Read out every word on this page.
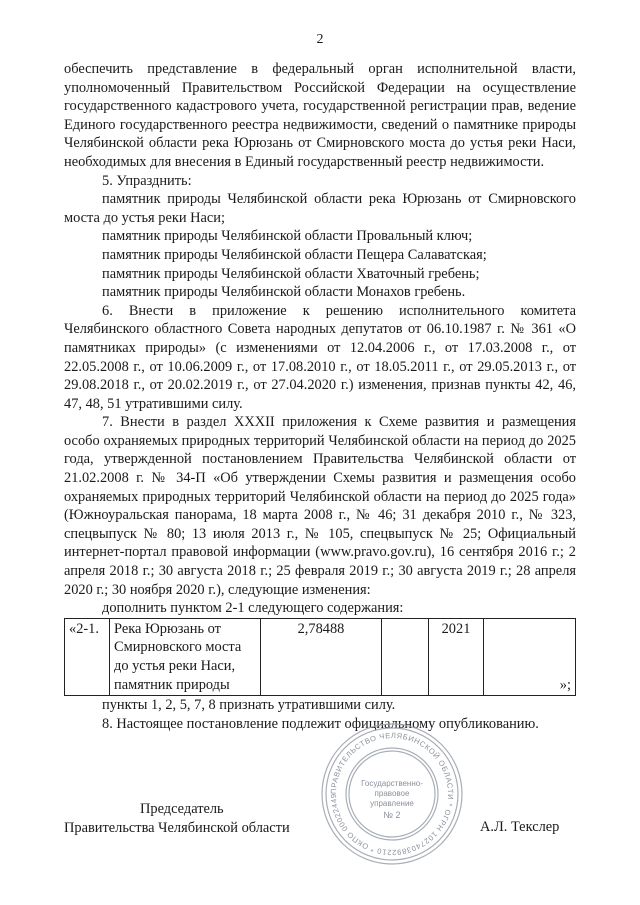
2

обеспечить представление в федеральный орган исполнительной власти, уполномоченный Правительством Российской Федерации на осуществление государственного кадастрового учета, государственной регистрации прав, ведение Единого государственного реестра недвижимости, сведений о памятнике природы Челябинской области река Юрюзань от Смирновского моста до устья реки Наси, необходимых для внесения в Единый государственный реестр недвижимости.

5. Упразднить:

памятник природы Челябинской области река Юрюзань от Смирновского моста до устья реки Наси;

памятник природы Челябинской области Провальный ключ;

памятник природы Челябинской области Пещера Салаватская;

памятник природы Челябинской области Хваточный гребень;

памятник природы Челябинской области Монахов гребень.

6. Внести в приложение к решению исполнительного комитета Челябинского областного Совета народных депутатов от 06.10.1987 г. № 361 «О памятниках природы» (с изменениями от 12.04.2006 г., от 17.03.2008 г., от 22.05.2008 г., от 10.06.2009 г., от 17.08.2010 г., от 18.05.2011 г., от 29.05.2013 г., от 29.08.2018 г., от 20.02.2019 г., от 27.04.2020 г.) изменения, признав пункты 42, 46, 47, 48, 51 утратившими силу.

7. Внести в раздел XXXII приложения к Схеме развития и размещения особо охраняемых природных территорий Челябинской области на период до 2025 года, утвержденной постановлением Правительства Челябинской области от 21.02.2008 г. № 34-П «Об утверждении Схемы развития и размещения особо охраняемых природных территорий Челябинской области на период до 2025 года» (Южноуральская панорама, 18 марта 2008 г., № 46; 31 декабря 2010 г., № 323, спецвыпуск № 80; 13 июля 2013 г., № 105, спецвыпуск № 25; Официальный интернет-портал правовой информации (www.pravo.gov.ru), 16 сентября 2016 г.; 2 апреля 2018 г.; 30 августа 2018 г.; 25 февраля 2019 г.; 30 августа 2019 г.; 28 апреля 2020 г.; 30 ноября 2020 г.), следующие изменения:

дополнить пунктом 2-1 следующего содержания:

«2-1.	Река Юрюзань от Смирновского моста до устья реки Наси, памятник природы	2,78488		2021	»;

пункты 1, 2, 5, 7, 8 признать утратившими силу.

8. Настоящее постановление подлежит официальному опубликованию.

ПРАВИТЕЛЬСТВО ЧЕЛЯБИНСКОЙ ОБЛАСТИ * ОГРН 1027403892210 * ОКПО 00022449
Государственно-
правовое
управление
№ 2
Председатель
Правительства Челябинской области	А.Л. Текслер
